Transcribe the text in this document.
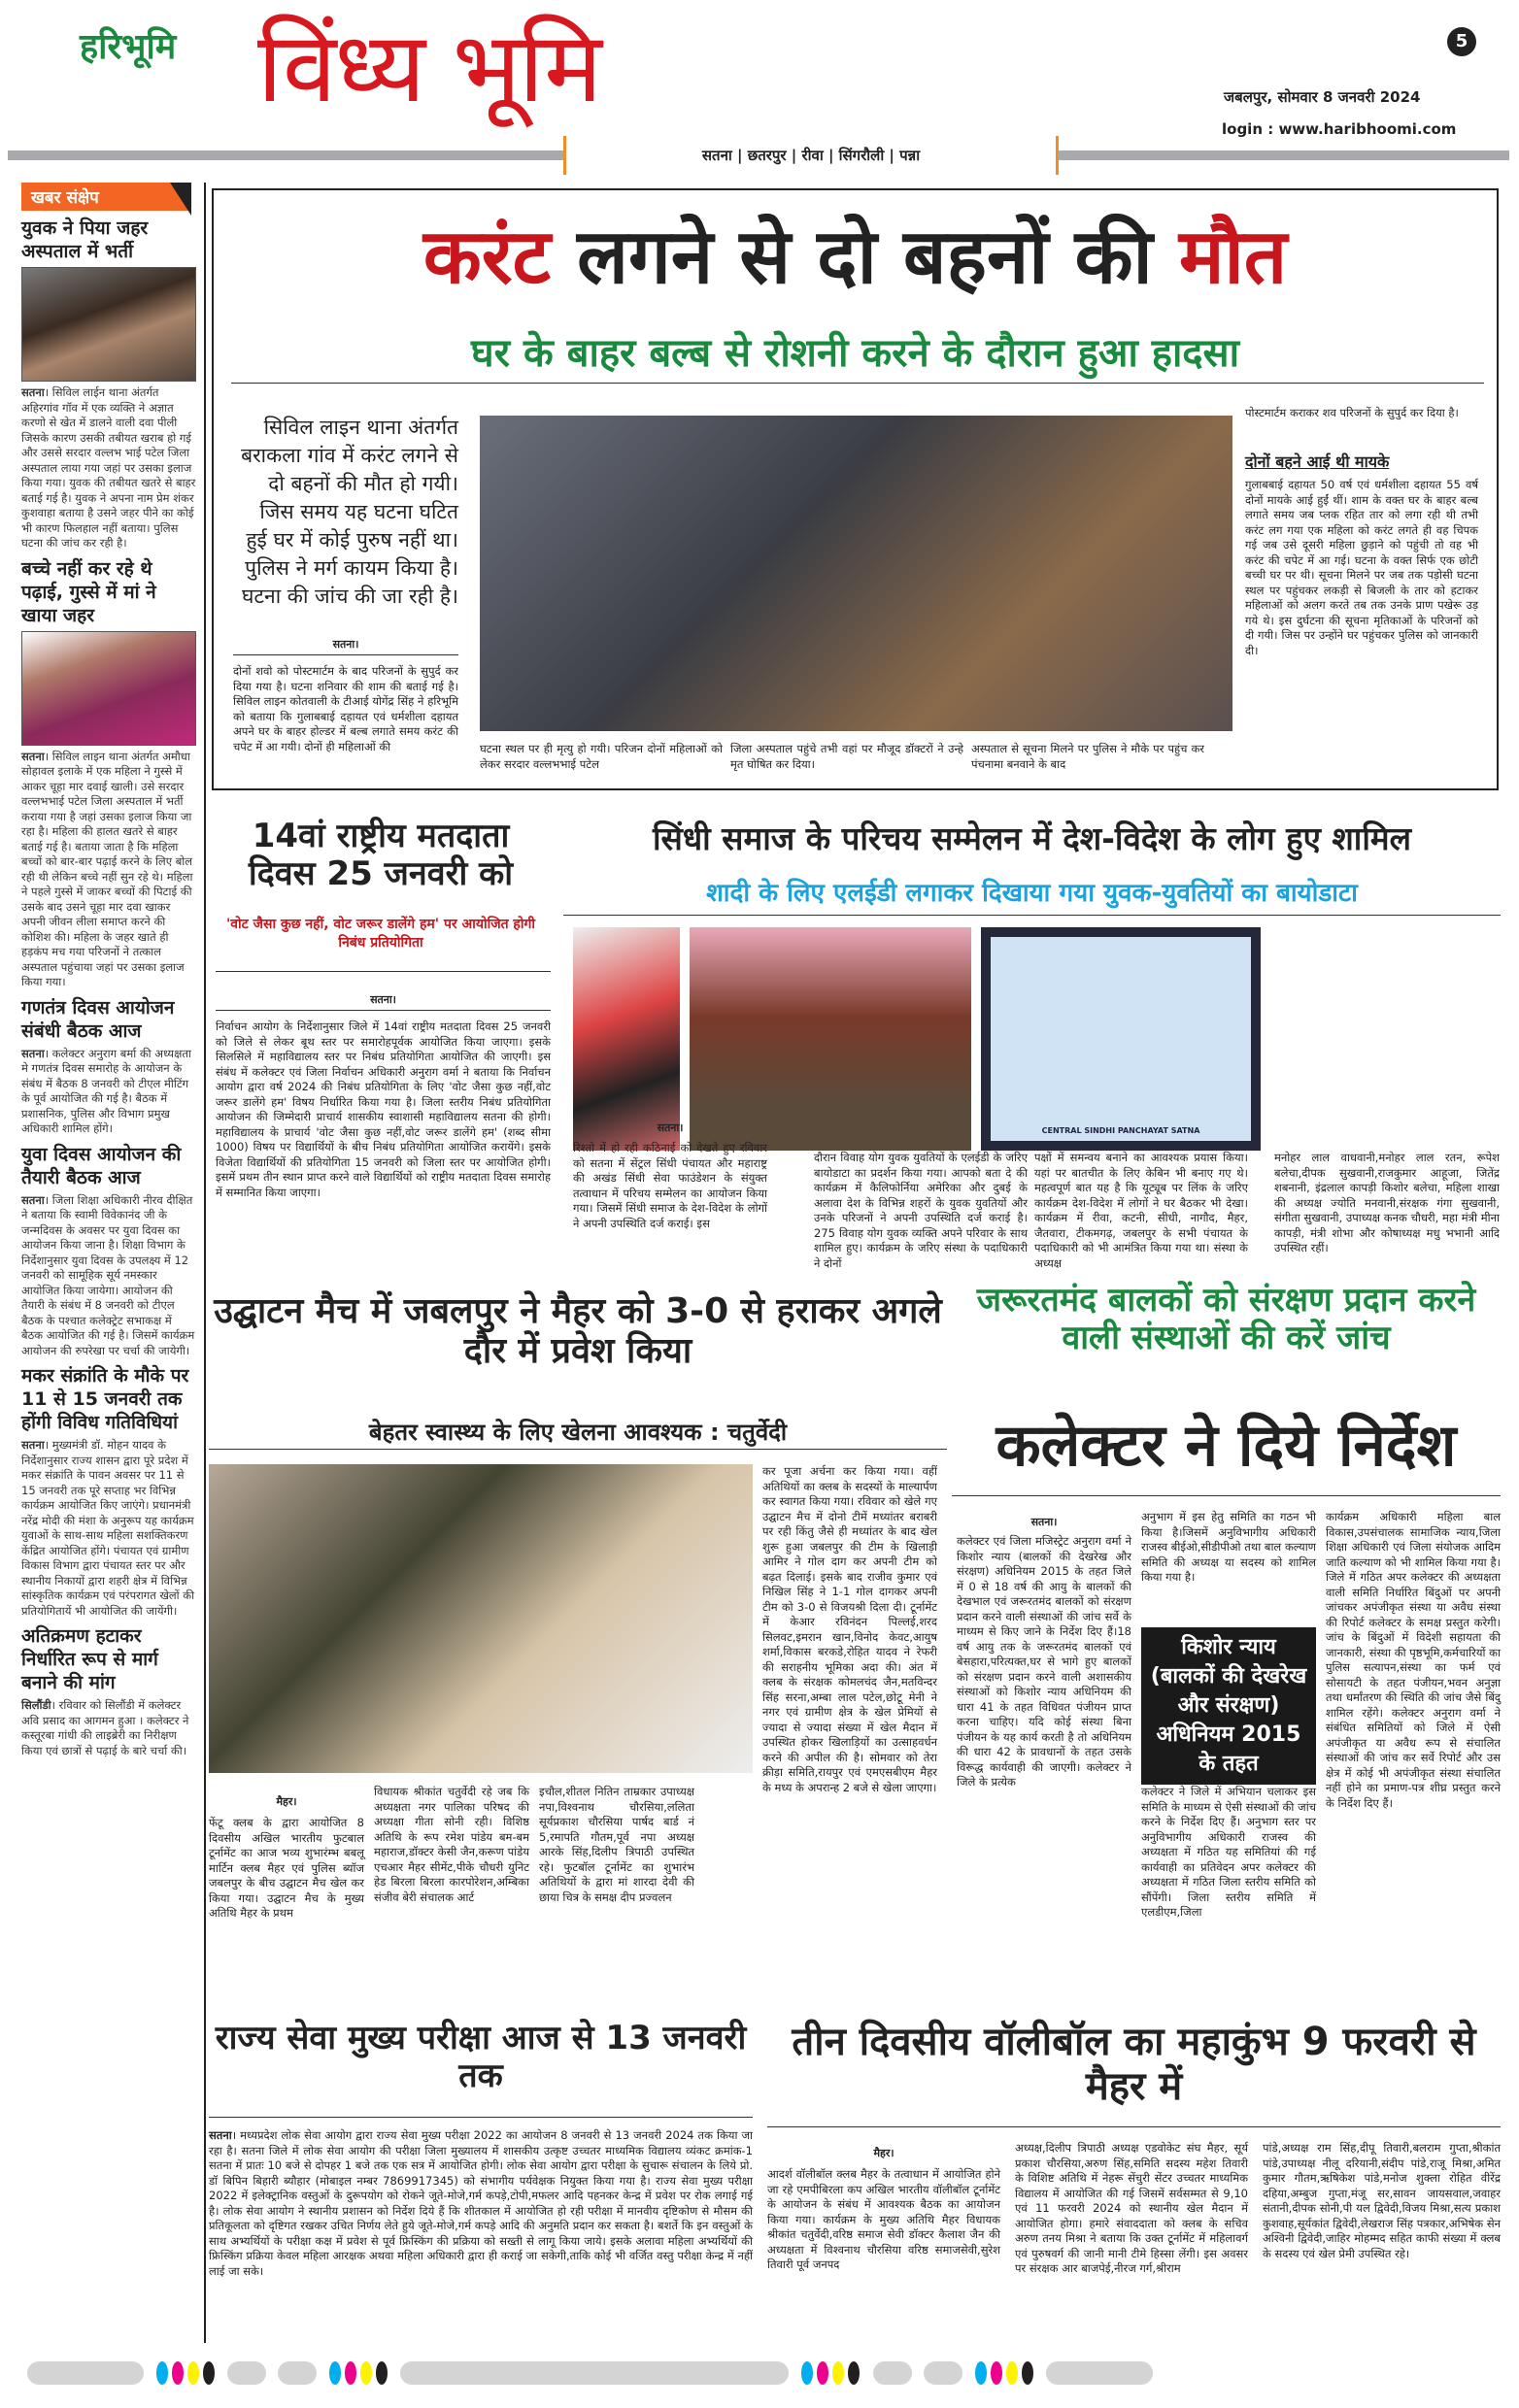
हरिभूमि विंध्य भूमि	5
जबलपुर, सोमवार 8 जनवरी 2024
login : www.haribhoomi.com
सतना | छतरपुर | रीवा | सिंगरौली | पन्ना
खबर संक्षेप
युवक ने पिया जहर अस्पताल में भर्ती

सतना। सिविल लाईन थाना अंतर्गत अहिरगांव गॉव में एक व्यक्ति ने अज्ञात करणो से खेत में डालने वाली दवा पीली जिसके कारण उसकी तबीयत खराब हो गई और उससे सरदार वल्लभ भाई पटेल जिला अस्पताल लाया गया जहां पर उसका इलाज किया गया। युवक की तबीयत खतरे से बाहर बताई गई है। युवक ने अपना नाम प्रेम शंकर कुशवाहा बताया है उसने जहर पीने का कोई भी कारण फिलहाल नहीं बताया। पुलिस घटना की जांच कर रही है।

बच्चे नहीं कर रहे थे पढ़ाई, गुस्से में मां ने खाया जहर

सतना। सिविल लाइन थाना अंतर्गत अमौधा सोहावल इलाके में एक महिला ने गुस्से में आकर चूहा मार दवाई खाली। उसे सरदार वल्लभभाई पटेल जिला अस्पताल में भर्ती कराया गया है जहां उसका इलाज किया जा रहा है। महिला की हालत खतरे से बाहर बताई गई है। बताया जाता है कि महिला बच्चों को बार-बार पढ़ाई करने के लिए बोल रही थी लेकिन बच्चे नहीं सुन रहे थे। महिला ने पहले गुस्से में जाकर बच्चों की पिटाई की उसके बाद उसने चूहा मार दवा खाकर अपनी जीवन लीला समाप्त करने की कोशिश की। महिला के जहर खाते ही हड़कंप मच गया परिजनों ने तत्काल अस्पताल पहुंचाया जहां पर उसका इलाज किया गया।

गणतंत्र दिवस आयोजन संबंधी बैठक आज

सतना। कलेक्टर अनुराग बर्मा की अध्यक्षता मे गणतंत्र दिवस समारोह के आयोजन के संबंध में बैठक 8 जनवरी को टीएल मीटिंग के पूर्व आयोजित की गई है। बैठक में प्रशासनिक, पुलिस और विभाग प्रमुख अधिकारी शामिल होंगे।

युवा दिवस आयोजन की तैयारी बैठक आज

सतना। जिला शिक्षा अधिकारी नीरव दीक्षित ने बताया कि स्वामी विवेकानंद जी के जन्मदिवस के अवसर पर युवा दिवस का आयोजन किया जाना है। शिक्षा विभाग के निर्देशानुसार युवा दिवस के उपलक्ष्य में 12 जनवरी को सामूहिक सूर्य नमस्कार आयोजित किया जायेगा। आयोजन की तैयारी के संबंध में 8 जनवरी को टीएल बैठक के पश्चात कलेक्ट्रेट सभाकक्ष में बैठक आयोजित की गई है। जिसमें कार्यक्रम आयोजन की रुपरेखा पर चर्चा की जायेगी।

मकर संक्रांति के मौके पर 11 से 15 जनवरी तक होंगी विविध गतिविधियां

सतना। मुख्यमंत्री डॉ. मोहन यादव के निर्देशानुसार राज्य शासन द्वारा पूरे प्रदेश में मकर संक्रांति के पावन अवसर पर 11 से 15 जनवरी तक पूरे सप्ताह भर विभिन्न कार्यक्रम आयोजित किए जाएंगे। प्रधानमंत्री नरेंद्र मोदी की मंशा के अनुरूप यह कार्यक्रम युवाओं के साथ-साथ महिला सशक्तिकरण केंद्रित आयोजित होंगे। पंचायत एवं ग्रामीण विकास विभाग द्वारा पंचायत स्तर पर और स्थानीय निकायों द्वारा शहरी क्षेत्र में विभिन्न सांस्कृतिक कार्यक्रम एवं परंपरागत खेलों की प्रतियोगितायें भी आयोजित की जायेंगी।

अतिक्रमण हटाकर निर्धारित रूप से मार्ग बनाने की मांग

सिलौंडी। रविवार को सिलौंडी में कलेक्टर अवि प्रसाद का आगमन हुआ । कलेक्टर ने कस्तूरबा गांधी की लाइब्रेरी का निरीक्षण किया एवं छात्रों से पढ़ाई के बारे चर्चा की।

करंट लगने से दो बहनों की मौत
घर के बाहर बल्ब से रोशनी करने के दौरान हुआ हादसा
सिविल लाइन थाना अंतर्गत बराकला गांव में करंट लगने से दो बहनों की मौत हो गयी। जिस समय यह घटना घटित हुई घर में कोई पुरुष नहीं था। पुलिस ने मर्ग कायम किया है। घटना की जांच की जा रही है।
सतना।
दोनों शवो को पोस्टमार्टम के बाद परिजनों के सुपुर्द कर दिया गया है। घटना शनिवार की शाम की बताई गई है। सिविल लाइन कोतवाली के टीआई योगेंद्र सिंह ने हरिभूमि को बताया कि गुलाबबाई दहायत एवं धर्मशीला दहायत अपने घर के बाहर होल्डर में बल्ब लगाते समय करंट की चपेट में आ गयी। दोनों ही महिलाओं की	घटना स्थल पर ही मृत्यु हो गयी। परिजन दोनों महिलाओं को लेकर सरदार वल्लभभाई पटेल
जिला अस्पताल पहुंचे तभी वहां पर मौजूद डॉक्टरों ने उन्हे मृत घोषित कर दिया।
अस्पताल से सूचना मिलने पर पुलिस ने मौके पर पहुंच कर पंचनामा बनवाने के बाद
पोस्टमार्टम कराकर शव परिजनों के सुपुर्द कर दिया है।
दोनों बहने आई थी मायके
गुलाबबाई दहायत 50 वर्ष एवं धर्मशीला दहायत 55 वर्ष दोनों मायके आई हुईं थीं। शाम के वक्त घर के बाहर बल्ब लगाते समय जब प्लक रहित तार को लगा रही थी तभी करंट लग गया एक महिला को करंट लगते ही वह चिपक गई जब उसे दूसरी महिला छुड़ाने को पहुंची तो वह भी करंट की चपेट में आ गई। घटना के वक्त सिर्फ एक छोटी बच्ची घर पर थी। सूचना मिलने पर जब तक पड़ोसी घटना स्थल पर पहुंचकर लकड़ी से बिजली के तार को हटाकर महिलाओं को अलग करते तब तक उनके प्राण पखेरू उड़ गये थे। इस दुर्घटना की सूचना मृतिकाओं के परिजनों को दी गयी। जिस पर उन्होंने घर पहुंचकर पुलिस को जानकारी दी।
14वां राष्ट्रीय मतदाता दिवस 25 जनवरी को
'वोट जैसा कुछ नहीं, वोट जरूर डालेंगे हम' पर आयोजित होगी निबंध प्रतियोगिता
सतना।
निर्वाचन आयोग के निर्देशानुसार जिले में 14वां राष्ट्रीय मतदाता दिवस 25 जनवरी को जिले से लेकर बूथ स्तर पर समारोहपूर्वक आयोजित किया जाएगा। इसके सिलसिले में महाविद्यालय स्तर पर निबंध प्रतियोगिता आयोजित की जाएगी। इस संबंध में कलेक्टर एवं जिला निर्वाचन अधिकारी अनुराग वर्मा ने बताया कि निर्वाचन आयोग द्वारा वर्ष 2024 की निबंध प्रतियोगिता के लिए 'वोट जैसा कुछ नहीं,वोट जरूर डालेंगे हम' विषय निर्धारित किया गया है। जिला स्तरीय निबंध प्रतियोगिता आयोजन की जिम्मेदारी प्राचार्य शासकीय स्वाशासी महाविद्यालय सतना की होगी। महाविद्यालय के प्राचार्य 'वोट जैसा कुछ नहीं,वोट जरूर डालेंगे हम' (शब्द सीमा 1000) विषय पर विद्यार्थियों के बीच निबंध प्रतियोगिता आयोजित करायेंगे। इसके विजेता विद्यार्थियों की प्रतियोगिता 15 जनवरी को जिला स्तर पर आयोजित होगी। इसमें प्रथम तीन स्थान प्राप्त करने वाले विद्यार्थियों को राष्ट्रीय मतदाता दिवस समारोह में सम्मानित किया जाएगा।
सिंधी समाज के परिचय सम्मेलन में देश-विदेश के लोग हुए शामिल
शादी के लिए एलईडी लगाकर दिखाया गया युवक-युवतियों का बायोडाटा
CENTRAL SINDHI PANCHAYAT SATNA
सतना।
रिश्तो में हो रही कठिनाई को देखते हुए रविवार को सतना में सेंट्रल सिंधी पंचायत और महाराष्ट्र की अखंड सिंधी सेवा फाउंडेशन के संयुक्त तत्वाधान में परिचय सम्मेलन का आयोजन किया गया। जिसमें सिंधी समाज के देश-विदेश के लोगों ने अपनी उपस्थिति दर्ज कराई। इस
दौरान विवाह योग युवक युवतियों के एलईडी के जरिए बायोडाटा का प्रदर्शन किया गया। आपको बता दे की कार्यक्रम में कैलिफोर्निया अमेरिका और दुबई के अलावा देश के विभिन्न शहरों के युवक युवतियों और उनके परिजनों ने अपनी उपस्थिति दर्ज कराई है। 275 विवाह योग युवक व्यक्ति अपने परिवार के साथ शामिल हुए। कार्यक्रम के जरिए संस्था के पदाधिकारी ने दोनों
पक्षों में समन्वय बनाने का आवश्यक प्रयास किया। यहां पर बातचीत के लिए केबिन भी बनाए गए थे। महत्वपूर्ण बात यह है कि यूट्यूब पर लिंक के जरिए कार्यक्रम देश-विदेश में लोगों ने घर बैठकर भी देखा। कार्यक्रम में रीवा, कटनी, सीधी, नागौद, मैहर, जैतवारा, टीकमगढ़, जबलपुर के सभी पंचायत के पदाधिकारी को भी आमंत्रित किया गया था। संस्था के अध्यक्ष
मनोहर लाल वाधवानी,मनोहर लाल रतन, रूपेश बलेचा,दीपक सुखवानी,राजकुमार आहूजा, जितेंद्र शबनानी, इंद्रलाल कापड़ी किशोर बलेचा, महिला शाखा की अध्यक्ष ज्योति मनवानी,संरक्षक गंगा सुखवानी, संगीता सुखवानी, उपाध्यक्ष कनक चौधरी, महा मंत्री मीना कापड़ी, मंत्री शोभा और कोषाध्यक्ष मधु भभानी आदि उपस्थित रहीं।
उद्घाटन मैच में जबलपुर ने मैहर को 3-0 से हराकर अगले दौर में प्रवेश किया
बेहतर स्वास्थ्य के लिए खेलना आवश्यक : चतुर्वेदी
मैहर।
फेंटू क्लब के द्वारा आयोजित 8 दिवसीय अखिल भारतीय फुटबाल टूर्नामेंट का आज भव्य शुभारंम्भ बबलू मार्टिन क्लब मैहर एवं पुलिस ब्यॉज जबलपुर के बीच उद्घाटन मैच खेल कर किया गया। उद्घाटन मैच के मुख्य अतिथि मैहर के प्रथम
विधायक श्रीकांत चतुर्वेदी रहे जब कि अध्यक्षता नगर पालिका परिषद की अध्यक्षा गीता सोनी रही। विशिष्ठ अतिथि के रूप रमेश पांडेय बम-बम महाराज,डॉक्टर केसी जैन,करूण पांडेय एचआर मैहर सीमेंट,पीके चौधरी युनिट हेड बिरला बिरला कारपोरेशन,अम्बिका संजीव बेरी संचालक आर्ट
इचौल,शीतल नितिन ताम्रकार उपाध्यक्ष नपा,विश्वनाथ चौरसिया,ललिता सूर्यप्रकाश चौरसिया पार्षद बार्ड नं 5,रमापति गौतम,पूर्व नपा अध्यक्ष आरके सिंह,दिलीप त्रिपाठी उपस्थित रहे। फुटबॉल टूर्नामेंट का शुभारंभ अतिथियों के द्वारा मां शारदा देवी की छाया चित्र के समक्ष दीप प्रज्वलन
कर पूजा अर्चना कर किया गया। वहीं अतिथियों का क्लब के सदस्यों के माल्यार्पण कर स्वागत किया गया। रविवार को खेले गए उद्घाटन मैच में दोनो टीमें मध्यांतर बराबरी पर रही किंतु जैसे ही मध्यांतर के बाद खेल शुरू हुआ जबलपुर की टीम के खिलाड़ी आमिर ने गोल दाग कर अपनी टीम को बढ़त दिलाई। इसके बाद राजीव कुमार एवं निखिल सिंह ने 1-1 गोल दागकर अपनी टीम को 3-0 से विजयश्री दिला दी। टूर्नामेंट में केआर रविनंदन पिल्लई,शरद सिलवट,इमरान खान,विनोद केवट,आयुष शर्मा,विकास बरकडे,रोहित यादव ने रेफरी की सराहनीय भूमिका अदा की। अंत में क्लब के संरक्षक कोमलचंद जैन,मतविन्दर सिंह सरना,अम्बा लाल पटेल,छोटू मेनी ने नगर एवं ग्रामीण क्षेत्र के खेल प्रेमियों से ज्यादा से ज्यादा संख्या में खेल मैदान में उपस्थित होकर खिलाड़ियों का उत्साहवर्धन करने की अपील की है। सोमवार को तेरा क्रीड़ा समिति,रायपुर एवं एमएसबीएम मैहर के मध्य के अपरान्ह 2 बजे से खेला जाएगा।
जरूरतमंद बालकों को संरक्षण प्रदान करने वाली संस्थाओं की करें जांच
कलेक्टर ने दिये निर्देश
सतना।
कलेक्टर एवं जिला मजिस्ट्रेट अनुराग वर्मा ने किशोर न्याय (बालकों की देखरेख और संरक्षण) अधिनियम 2015 के तहत जिले में 0 से 18 वर्ष की आयु के बालकों की देखभाल एवं जरूरतमंद बालकों को संरक्षण प्रदान करने वाली संस्थाओं की जांच सर्वे के माध्यम से किए जाने के निर्देश दिए हैं।18 वर्ष आयु तक के जरूरतमंद बालकों एवं बेसहारा,परित्यक्त,घर से भागे हुए बालकों को संरक्षण प्रदान करने वाली अशासकीय संस्थाओं को किशोर न्याय अधिनियम की धारा 41 के तहत विधिवत पंजीयन प्राप्त करना चाहिए। यदि कोई संस्था बिना पंजीयन के यह कार्य करती है तो अधिनियम की धारा 42 के प्रावधानों के तहत उसके विरूद्ध कार्यवाही की जाएगी। कलेक्टर ने जिले के प्रत्येक
अनुभाग में इस हेतु समिति का गठन भी किया है।जिसमें अनुविभागीय अधिकारी राजस्व बीईओ,सीडीपीओ तथा बाल कल्याण समिति की अध्यक्ष या सदस्य को शामिल किया गया है।
किशोर न्याय (बालकों की देखरेख और संरक्षण) अधिनियम 2015 के तहत
कलेक्टर ने जिले में अभियान चलाकर इस समिति के माध्यम से ऐसी संस्थाओं की जांच करने के निर्देश दिए हैं। अनुभाग स्तर पर अनुविभागीय अधिकारी राजस्व की अध्यक्षता में गठित यह समितियां की गई कार्यवाही का प्रतिवेदन अपर कलेक्टर की अध्यक्षता में गठित जिला स्तरीय समिति को सौंपेंगी। जिला स्तरीय समिति में एलडीएम,जिला
कार्यक्रम अधिकारी महिला बाल विकास,उपसंचालक सामाजिक न्याय,जिला शिक्षा अधिकारी एवं जिला संयोजक आदिम जाति कल्याण को भी शामिल किया गया है। जिले में गठित अपर कलेक्टर की अध्यक्षता वाली समिति निर्धारित बिंदुओं पर अपनी जांचकर अपंजीकृत संस्था या अवैध संस्था की रिपोर्ट कलेक्टर के समक्ष प्रस्तुत करेगी। जांच के बिंदुओं में विदेशी सहायता की जानकारी, संस्था की पृष्ठभूमि,कर्मचारियों का पुलिस सत्यापन,संस्था का फर्म एवं सोसायटी के तहत पंजीयन,भवन अनुज्ञा तथा धर्मांतरण की स्थिति की जांच जैसे बिंदु शामिल रहेंगे। कलेक्टर अनुराग वर्मा ने संबंधित समितियों को जिले में ऐसी अपंजीकृत या अवैध रूप से संचालित संस्थाओं की जांच कर सर्वे रिपोर्ट और उस क्षेत्र में कोई भी अपंजीकृत संस्था संचालित नहीं होने का प्रमाण-पत्र शीघ्र प्रस्तुत करने के निर्देश दिए हैं।
राज्य सेवा मुख्य परीक्षा आज से 13 जनवरी तक
सतना। मध्यप्रदेश लोक सेवा आयोग द्वारा राज्य सेवा मुख्य परीक्षा 2022 का आयोजन 8 जनवरी से 13 जनवरी 2024 तक किया जा रहा है। सतना जिले में लोक सेवा आयोग की परीक्षा जिला मुख्यालय में शासकीय उत्कृष्ट उच्चतर माध्यमिक विद्यालय व्यंकट क्रमांक-1 सतना में प्रातः 10 बजे से दोपहर 1 बजे तक एक सत्र में आयोजित होगी। लोक सेवा आयोग द्वारा परीक्षा के सुचारू संचालन के लिये प्रो. डॉ बिपिन बिहारी ब्यौहार (मोबाइल नम्बर 7869917345) को संभागीय पर्यवेक्षक नियुक्त किया गया है। राज्य सेवा मुख्य परीक्षा 2022 में इलेक्ट्रानिक वस्तुओं के दुरूपयोग को रोकने जूते-मोजे,गर्म कपड़े,टोपी,मफलर आदि पहनकर केन्द्र में प्रवेश पर रोक लगाई गई है। लोक सेवा आयोग ने स्थानीय प्रशासन को निर्देश दिये हैं कि शीतकाल में आयोजित हो रही परीक्षा में मानवीय दृष्टिकोण से मौसम की प्रतिकूलता को दृष्टिगत रखकर उचित निर्णय लेते हुये जूते-मोजे,गर्म कपड़े आदि की अनुमति प्रदान कर सकता है। बशर्ते कि इन वस्तुओं के साथ अभ्यर्थियों के परीक्षा कक्ष में प्रवेश से पूर्व फ्रिस्किंग की प्रक्रिया को सख्ती से लागू किया जाये। इसके अलावा महिला अभ्यर्थियों की फ्रिस्किंग प्रक्रिया केवल महिला आरक्षक अथवा महिला अधिकारी द्वारा ही कराई जा सकेगी,ताकि कोई भी वर्जित वस्तु परीक्षा केन्द्र में नहीं लाई जा सके।
तीन दिवसीय वॉलीबॉल का महाकुंभ 9 फरवरी से मैहर में
मैहर।
आदर्श वॉलीबॉल क्लब मैहर के तत्वाधान में आयोजित होने जा रहे एमपीबिरला कप अखिल भारतीय वॉलीबॉल टूर्नामेंट के आयोजन के संबंध में आवश्यक बैठक का आयोजन किया गया। कार्यक्रम के मुख्य अतिथि मैहर विधायक श्रीकांत चतुर्वेदी,वरिष्ठ समाज सेवी डॉक्टर कैलाश जैन की अध्यक्षता में विश्वनाथ चौरसिया वरिष्ठ समाजसेवी,सुरेश तिवारी पूर्व जनपद
अध्यक्ष,दिलीप त्रिपाठी अध्यक्ष एडवोकेट संघ मैहर, सूर्य प्रकाश चौरसिया,अरुण सिंह,समिति सदस्य महेश तिवारी के विशिष्ट अतिथि में नेहरू सेंचुरी सेंटर उच्चतर माध्यमिक विद्यालय में आयोजित की गई जिसमें सर्वसम्मत से 9,10 एवं 11 फरवरी 2024 को स्थानीय खेल मैदान में आयोजित होगा। हमारे संवाददाता को क्लब के सचिव अरुण तनय मिश्रा ने बताया कि उक्त टूर्नामेंट में महिलावर्ग एवं पुरुषवर्ग की जानी मानी टीमे हिस्सा लेंगी। इस अवसर पर संरक्षक आर बाजपेई,नीरज गर्ग,श्रीराम
पांडे,अध्यक्ष राम सिंह,दीपू तिवारी,बलराम गुप्ता,श्रीकांत पांडे,उपाध्यक्ष नीलू दरियानी,संदीप पांडे,राजू मिश्रा,अमित कुमार गौतम,ऋषिकेश पांडे,मनोज शुक्ला रोहित वीरेंद्र दहिया,अम्बुज गुप्ता,मंजू सर,सावन जायसवाल,जवाहर संतानी,दीपक सोनी,पी यल द्विवेदी,विजय मिश्रा,सत्य प्रकाश कुशवाह,सूर्यकांत द्विवेदी,लेखराज सिंह पत्रकार,अभिषेक सेन अश्विनी द्विवेदी,जाहिर मोहम्मद सहित काफी संख्या में क्लब के सदस्य एवं खेल प्रेमी उपस्थित रहे।
